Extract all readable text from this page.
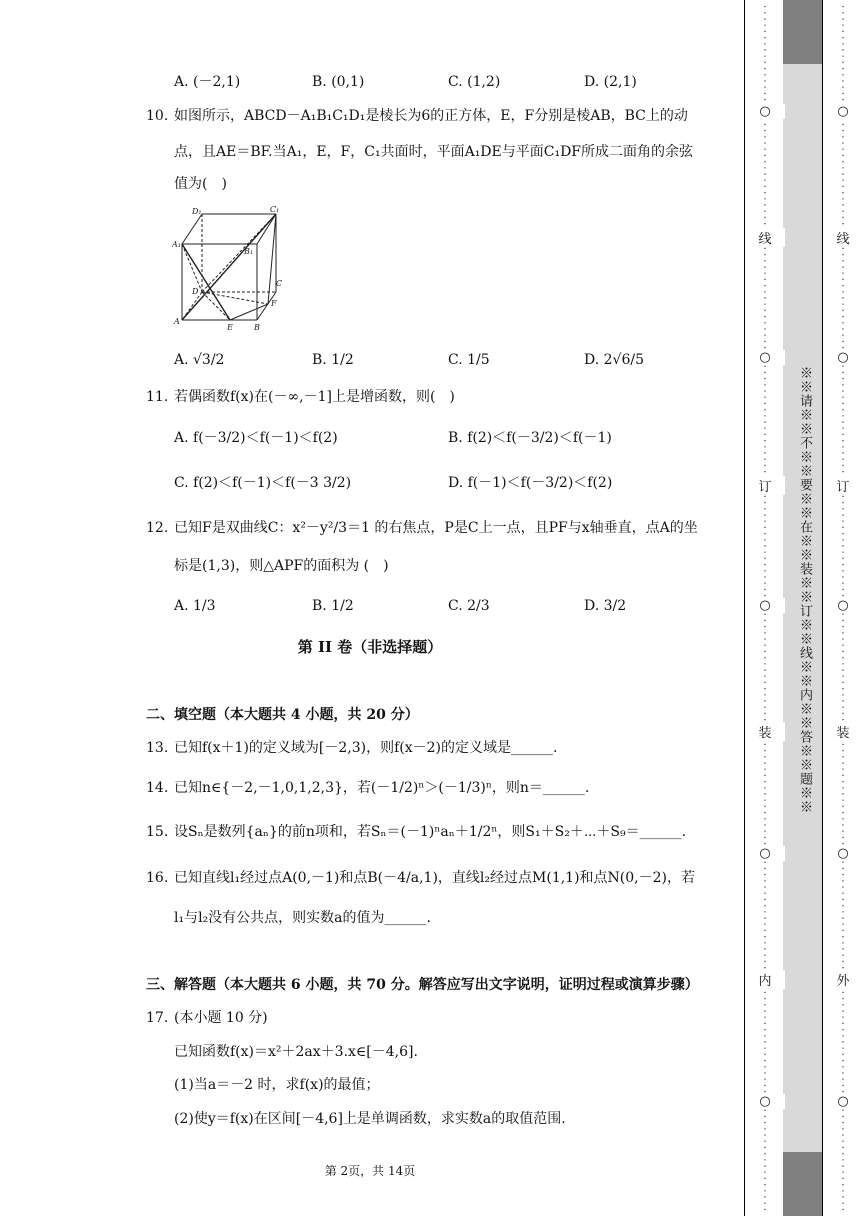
A. (－2,1)	B. (0,1)	C. (1,2)	D. (2,1)
10. 如图所示，ABCD－A₁B₁C₁D₁是棱长为6的正方体，E，F分别是棱AB，BC上的动
点，且AE＝BF.当A₁，E，F，C₁共面时，平面A₁DE与平面C₁DF所成二面角的余弦
值为(　)
D₁	C₁
A₁
B₁
D
C
F
A
E	B
A. √3/2	B. 1/2	C. 1/5	D. 2√6/5
11. 若偶函数f(x)在(－∞,－1]上是增函数，则(　)
A. f(－3/2)＜f(－1)＜f(2)	B. f(2)＜f(－3/2)＜f(－1)
C. f(2)＜f(－1)＜f(－3 3/2)	D. f(－1)＜f(－3/2)＜f(2)
12. 已知F是双曲线C：x²－y²/3＝1 的右焦点，P是C上一点，且PF与x轴垂直，点A的坐
标是(1,3)，则△APF的面积为 (　)
A. 1/3	B. 1/2	C. 2/3	D. 3/2
第 II 卷（非选择题）
二、填空题（本大题共 4 小题，共 20 分）
13. 已知f(x＋1)的定义域为[－2,3)，则f(x－2)的定义域是______.
14. 已知n∈{－2,－1,0,1,2,3}，若(－1/2)ⁿ＞(－1/3)ⁿ，则n＝______.
15. 设Sₙ是数列{aₙ}的前n项和，若Sₙ＝(－1)ⁿaₙ＋1/2ⁿ，则S₁＋S₂＋⋯＋S₉＝______.
16. 已知直线l₁经过点A(0,－1)和点B(－4/a,1)，直线l₂经过点M(1,1)和点N(0,－2)，若
l₁与l₂没有公共点，则实数a的值为______.
三、解答题（本大题共 6 小题，共 70 分。解答应写出文字说明，证明过程或演算步骤）
17. (本小题 10 分)
已知函数f(x)＝x²＋2ax＋3.x∈[－4,6].
(1)当a＝－2 时，求f(x)的最值；
(2)使y＝f(x)在区间[－4,6]上是单调函数，求实数a的取值范围.
第 2页，共 14页
○
线
○
订
○
装
○
内
○
※※请※※不※※要※※在※※装※※订※※线※※内※※答※※题※※
○
线
○
订
○
装
○
外
○
